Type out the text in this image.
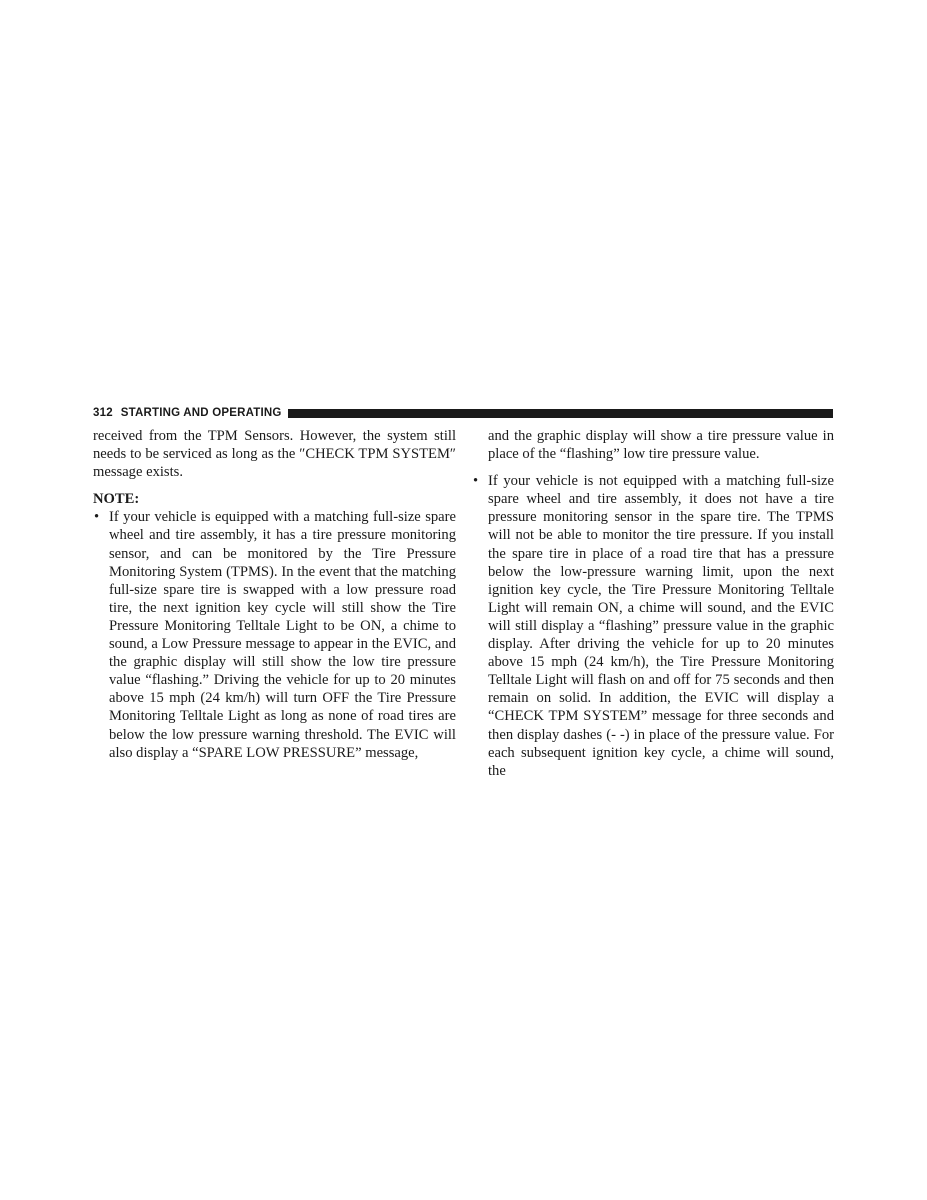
312 STARTING AND OPERATING

received from the TPM Sensors. However, the system still needs to be serviced as long as the ″CHECK TPM SYSTEM″ message exists.

NOTE:

• If your vehicle is equipped with a matching full-size spare wheel and tire assembly, it has a tire pressure monitoring sensor, and can be monitored by the Tire Pressure Monitoring System (TPMS). In the event that the matching full-size spare tire is swapped with a low pressure road tire, the next ignition key cycle will still show the Tire Pressure Monitoring Telltale Light to be ON, a chime to sound, a Low Pressure message to appear in the EVIC, and the graphic display will still show the low tire pressure value “flashing.” Driving the vehicle for up to 20 minutes above 15 mph (24 km/h) will turn OFF the Tire Pressure Monitoring Telltale Light as long as none of road tires are below the low pressure warning threshold. The EVIC will also display a “SPARE LOW PRESSURE” message,

and the graphic display will show a tire pressure value in place of the “flashing” low tire pressure value.

• If your vehicle is not equipped with a matching full-size spare wheel and tire assembly, it does not have a tire pressure monitoring sensor in the spare tire. The TPMS will not be able to monitor the tire pressure. If you install the spare tire in place of a road tire that has a pressure below the low-pressure warning limit, upon the next ignition key cycle, the Tire Pressure Monitoring Telltale Light will remain ON, a chime will sound, and the EVIC will still display a “flashing” pressure value in the graphic display. After driving the vehicle for up to 20 minutes above 15 mph (24 km/h), the Tire Pressure Monitoring Telltale Light will flash on and off for 75 seconds and then remain on solid. In addition, the EVIC will display a “CHECK TPM SYSTEM” message for three seconds and then display dashes (- -) in place of the pressure value. For each subsequent ignition key cycle, a chime will sound, the
